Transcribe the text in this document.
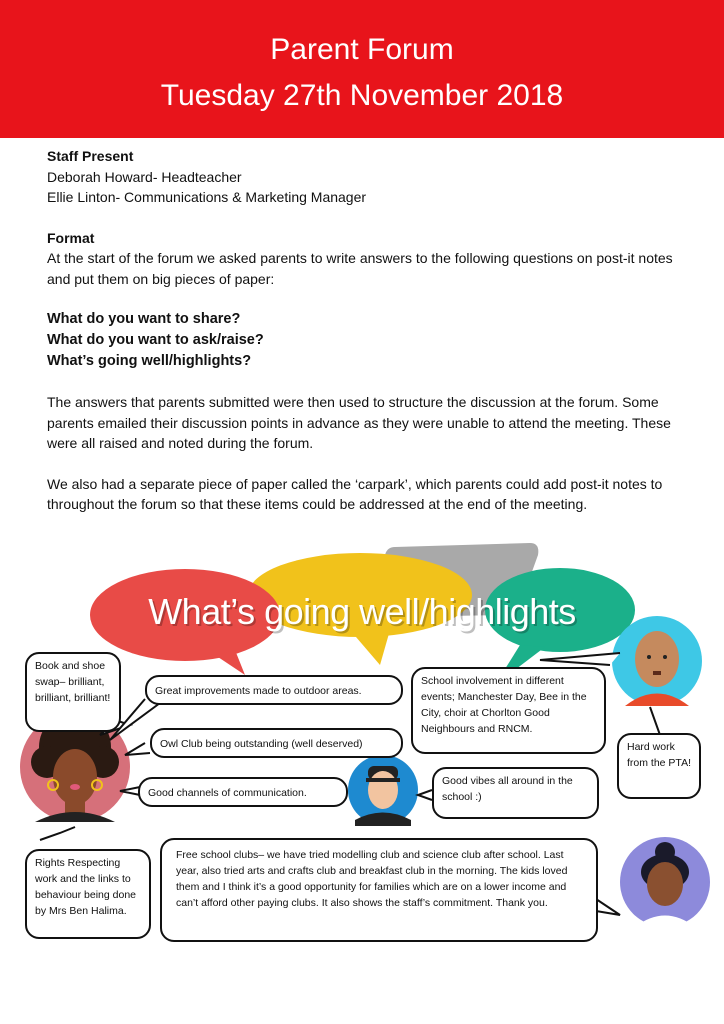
Parent Forum
Tuesday 27th November 2018

Staff Present

Deborah Howard- Headteacher

Ellie Linton- Communications & Marketing Manager

Format

At the start of the forum we asked parents to write answers to the following questions on post-it notes and put them on big pieces of paper:

What do you want to share?

What do you want to ask/raise?

What’s going well/highlights?

The answers that parents submitted were then used to structure the discussion at the forum. Some parents emailed their discussion points in advance as they were unable to attend the meeting. These were all raised and noted during the forum.

We also had a separate piece of paper called the ‘carpark’, which parents could add post-it notes to throughout the forum so that these items could be addressed at the end of the meeting.

What’s going well/highlights
Book and shoe swap– brilliant, brilliant, brilliant!
Great improvements made to outdoor areas.
School involvement in different events; Manchester Day, Bee in the City, choir at Chorlton Good Neighbours and RNCM.
Owl Club being outstanding (well deserved)	Hard work from the PTA!
Good vibes all around in the school :)
Good channels of communication.
Rights Respecting work and the links to behaviour being done by Mrs Ben Halima.
Free school clubs– we have tried modelling club and science club after school. Last year, also tried arts and crafts club and breakfast club in the morning. The kids loved them and I think it’s a good opportunity for families which are on a lower income and can’t afford other paying clubs. It also shows the staff’s commitment. Thank you.
